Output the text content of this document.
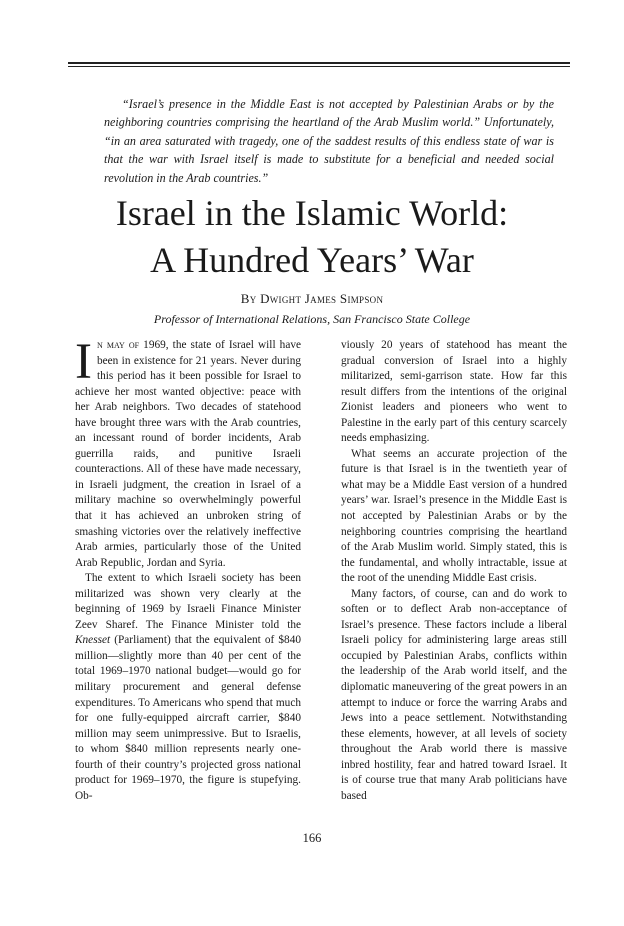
“Israel’s presence in the Middle East is not accepted by Palestinian Arabs or by the neighboring countries comprising the heartland of the Arab Muslim world.” Unfortunately, “in an area saturated with tragedy, one of the saddest results of this endless state of war is that the war with Israel itself is made to substitute for a beneficial and needed social revolution in the Arab countries.”

Israel in the Islamic World:
A Hundred Years’ War
By Dwight James Simpson
Professor of International Relations, San Francisco State College

In may of 1969, the state of Israel will have been in existence for 21 years. Never during this period has it been possible for Israel to achieve her most wanted objective: peace with her Arab neighbors. Two decades of statehood have brought three wars with the Arab countries, an incessant round of border incidents, Arab guerrilla raids, and punitive Israeli counteractions. All of these have made necessary, in Israeli judgment, the creation in Israel of a military machine so overwhelmingly powerful that it has achieved an unbroken string of smashing victories over the relatively ineffective Arab armies, particularly those of the United Arab Republic, Jordan and Syria.

The extent to which Israeli society has been militarized was shown very clearly at the beginning of 1969 by Israeli Finance Minister Zeev Sharef. The Finance Minister told the Knesset (Parliament) that the equivalent of $840 million—slightly more than 40 per cent of the total 1969–1970 national budget—would go for military procurement and general defense expenditures. To Americans who spend that much for one fully-equipped aircraft carrier, $840 million may seem unimpressive. But to Israelis, to whom $840 million represents nearly one-fourth of their country’s projected gross national product for 1969–1970, the figure is stupefying. Ob-

viously 20 years of statehood has meant the gradual conversion of Israel into a highly militarized, semi-garrison state. How far this result differs from the intentions of the original Zionist leaders and pioneers who went to Palestine in the early part of this century scarcely needs emphasizing.

What seems an accurate projection of the future is that Israel is in the twentieth year of what may be a Middle East version of a hundred years’ war. Israel’s presence in the Middle East is not accepted by Palestinian Arabs or by the neighboring countries comprising the heartland of the Arab Muslim world. Simply stated, this is the fundamental, and wholly intractable, issue at the root of the unending Middle East crisis.

Many factors, of course, can and do work to soften or to deflect Arab non-acceptance of Israel’s presence. These factors include a liberal Israeli policy for administering large areas still occupied by Palestinian Arabs, conflicts within the leadership of the Arab world itself, and the diplomatic maneuvering of the great powers in an attempt to induce or force the warring Arabs and Jews into a peace settlement. Notwithstanding these elements, however, at all levels of society throughout the Arab world there is massive inbred hostility, fear and hatred toward Israel. It is of course true that many Arab politicians have based

166
